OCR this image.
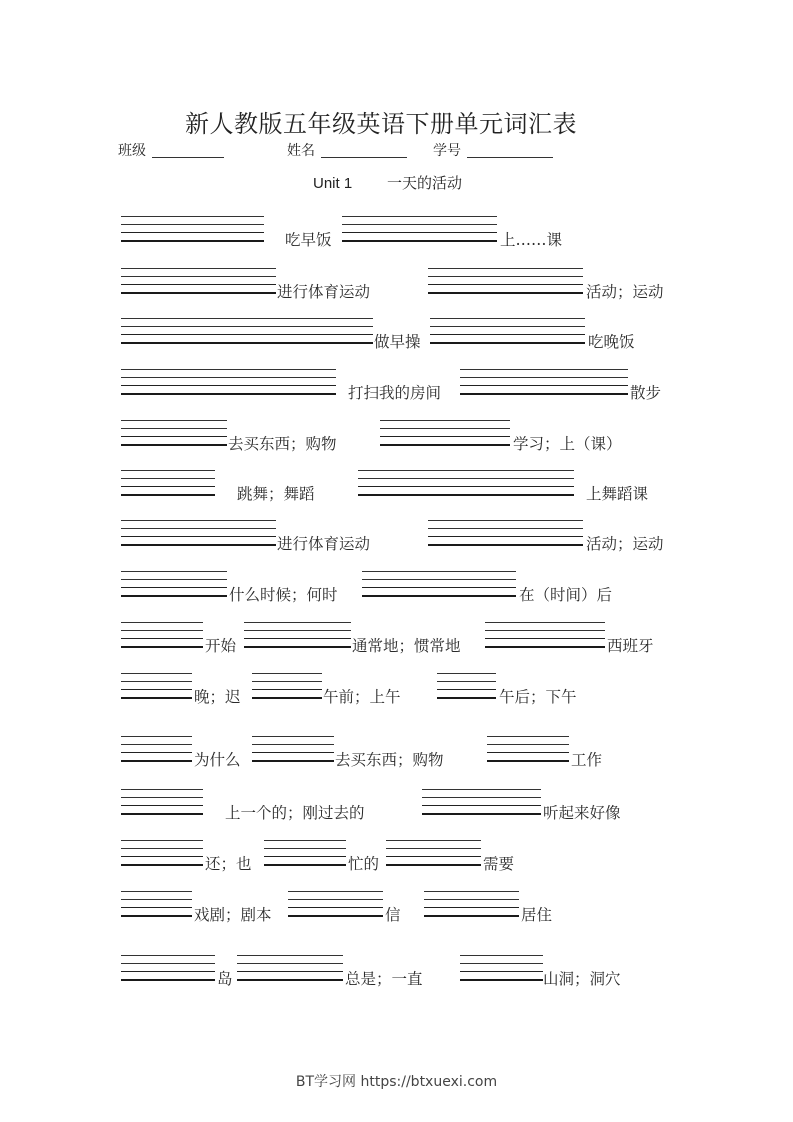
新人教版五年级英语下册单元词汇表
班级	姓名	学号
Unit 1 一天的活动
吃早饭	上……课
进行体育运动	活动；运动
做早操	吃晚饭
打扫我的房间	散步
去买东西；购物	学习；上（课）
跳舞；舞蹈	上舞蹈课
进行体育运动	活动；运动
什么时候；何时	在（时间）后
开始	通常地；惯常地	西班牙
晚；迟	午前；上午	午后；下午
为什么	去买东西；购物	工作
上一个的；刚过去的	听起来好像
还；也	忙的	需要
戏剧；剧本	信	居住
岛	总是；一直	山洞；洞穴
BT学习网 https://btxuexi.com
